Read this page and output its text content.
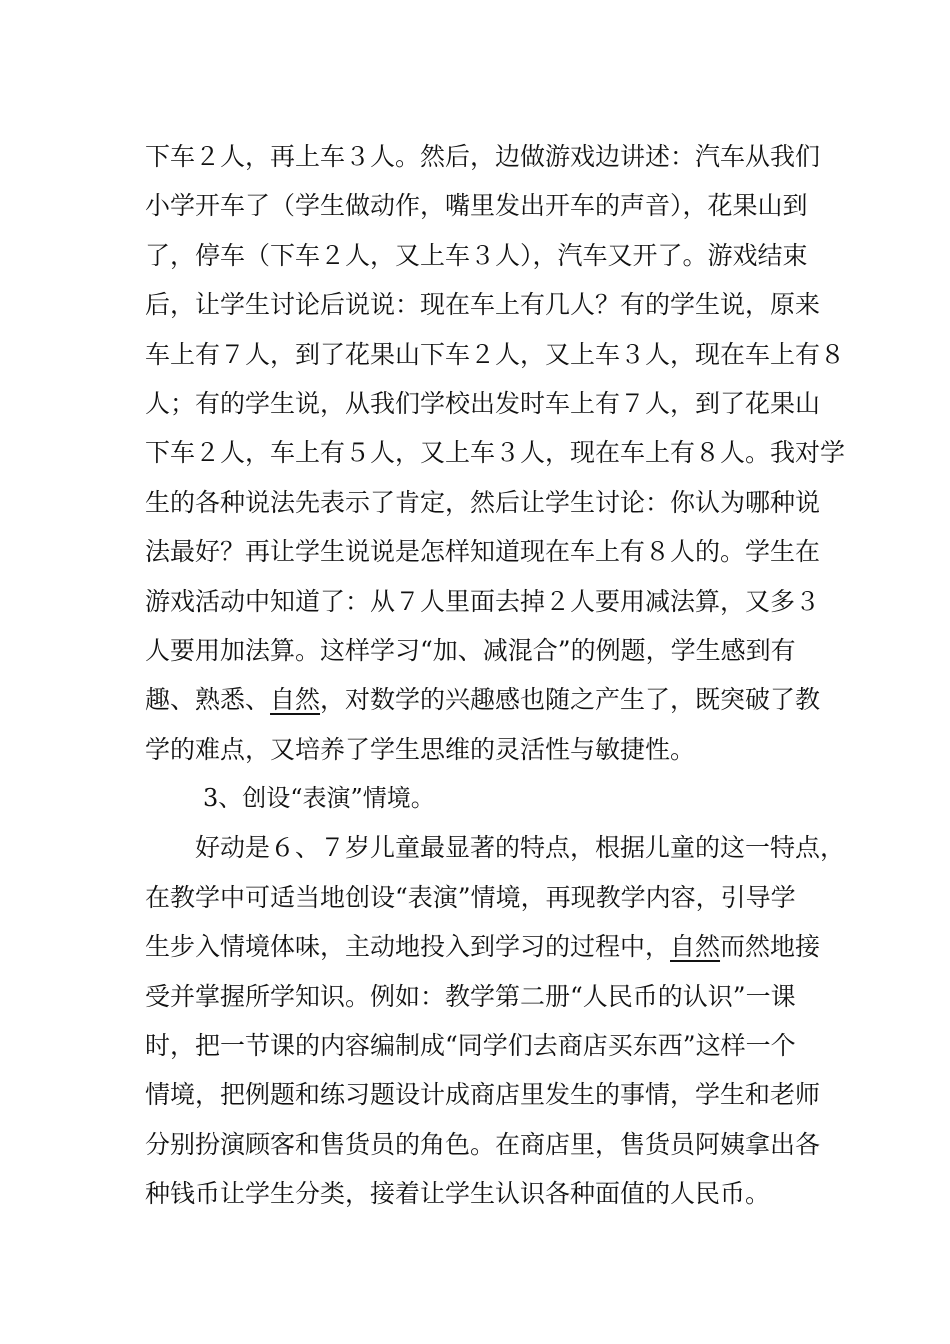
下车２人，再上车３人。然后，边做游戏边讲述：汽车从我们
小学开车了（学生做动作，嘴里发出开车的声音），花果山到
了，停车（下车２人，又上车３人），汽车又开了。游戏结束
后，让学生讨论后说说：现在车上有几人？有的学生说，原来
车上有７人，到了花果山下车２人，又上车３人，现在车上有８
人；有的学生说，从我们学校出发时车上有７人，到了花果山
下车２人，车上有５人，又上车３人，现在车上有８人。我对学
生的各种说法先表示了肯定，然后让学生讨论：你认为哪种说
法最好？再让学生说说是怎样知道现在车上有８人的。学生在
游戏活动中知道了：从７人里面去掉２人要用减法算，又多３
人要用加法算。这样学习“加、减混合”的例题，学生感到有
趣、熟悉、自然，对数学的兴趣感也随之产生了，既突破了教
学的难点，又培养了学生思维的灵活性与敏捷性。
3、创设“表演”情境。
好动是６、７岁儿童最显著的特点，根据儿童的这一特点，
在教学中可适当地创设“表演”情境，再现教学内容，引导学
生步入情境体味，主动地投入到学习的过程中，自然而然地接
受并掌握所学知识。例如：教学第二册“人民币的认识”一课
时，把一节课的内容编制成“同学们去商店买东西”这样一个
情境，把例题和练习题设计成商店里发生的事情，学生和老师
分别扮演顾客和售货员的角色。在商店里，售货员阿姨拿出各
种钱币让学生分类，接着让学生认识各种面值的人民币。
